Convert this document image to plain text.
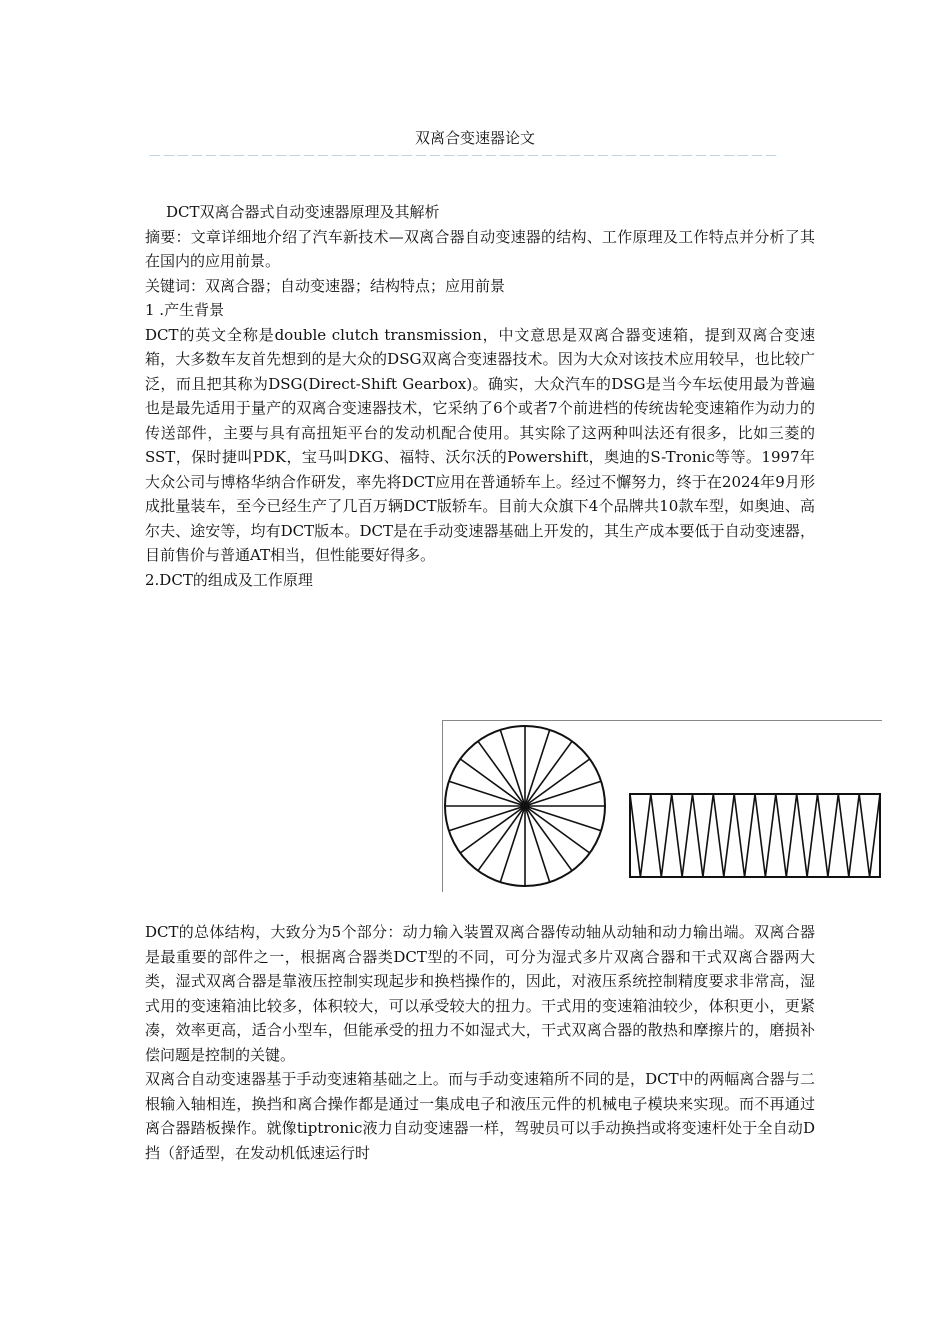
双离合变速器论文
－－－－－－－－－－－－－－－－－－－－－－－－－－－－－－－－－－－－－－－－－－－－－

DCT双离合器式自动变速器原理及其解析

摘要：文章详细地介绍了汽车新技术—双离合器自动变速器的结构、工作原理及工作特点并分析了其在国内的应用前景。

关键词：双离合器；自动变速器；结构特点；应用前景

1 .产生背景

DCT的英文全称是double clutch transmission，中文意思是双离合器变速箱，提到双离合变速箱，大多数车友首先想到的是大众的DSG双离合变速器技术。因为大众对该技术应用较早，也比较广泛，而且把其称为DSG(Direct-Shift Gearbox)。确实，大众汽车的DSG是当今车坛使用最为普遍也是最先适用于量产的双离合变速器技术，它采纳了6个或者7个前进档的传统齿轮变速箱作为动力的传送部件，主要与具有高扭矩平台的发动机配合使用。其实除了这两种叫法还有很多，比如三菱的SST，保时捷叫PDK，宝马叫DKG、福特、沃尔沃的Powershift，奥迪的S-Tronic等等。1997年大众公司与博格华纳合作研发，率先将DCT应用在普通轿车上。经过不懈努力，终于在2024年9月形成批量装车，至今已经生产了几百万辆DCT版轿车。目前大众旗下4个品牌共10款车型，如奥迪、高尔夫、途安等，均有DCT版本。DCT是在手动变速器基础上开发的，其生产成本要低于自动变速器，目前售价与普通AT相当，但性能要好得多。

2.DCT的组成及工作原理

DCT的总体结构，大致分为5个部分：动力输入装置双离合器传动轴从动轴和动力输出端。双离合器是最重要的部件之一，根据离合器类DCT型的不同，可分为湿式多片双离合器和干式双离合器两大类，湿式双离合器是靠液压控制实现起步和换档操作的，因此，对液压系统控制精度要求非常高，湿式用的变速箱油比较多，体积较大，可以承受较大的扭力。干式用的变速箱油较少，体积更小，更紧凑，效率更高，适合小型车，但能承受的扭力不如湿式大，干式双离合器的散热和摩擦片的，磨损补偿问题是控制的关键。

双离合自动变速器基于手动变速箱基础之上。而与手动变速箱所不同的是，DCT中的两幅离合器与二根输入轴相连，换挡和离合操作都是通过一集成电子和液压元件的机械电子模块来实现。而不再通过离合器踏板操作。就像tiptronic液力自动变速器一样，驾驶员可以手动换挡或将变速杆处于全自动D挡（舒适型，在发动机低速运行时
